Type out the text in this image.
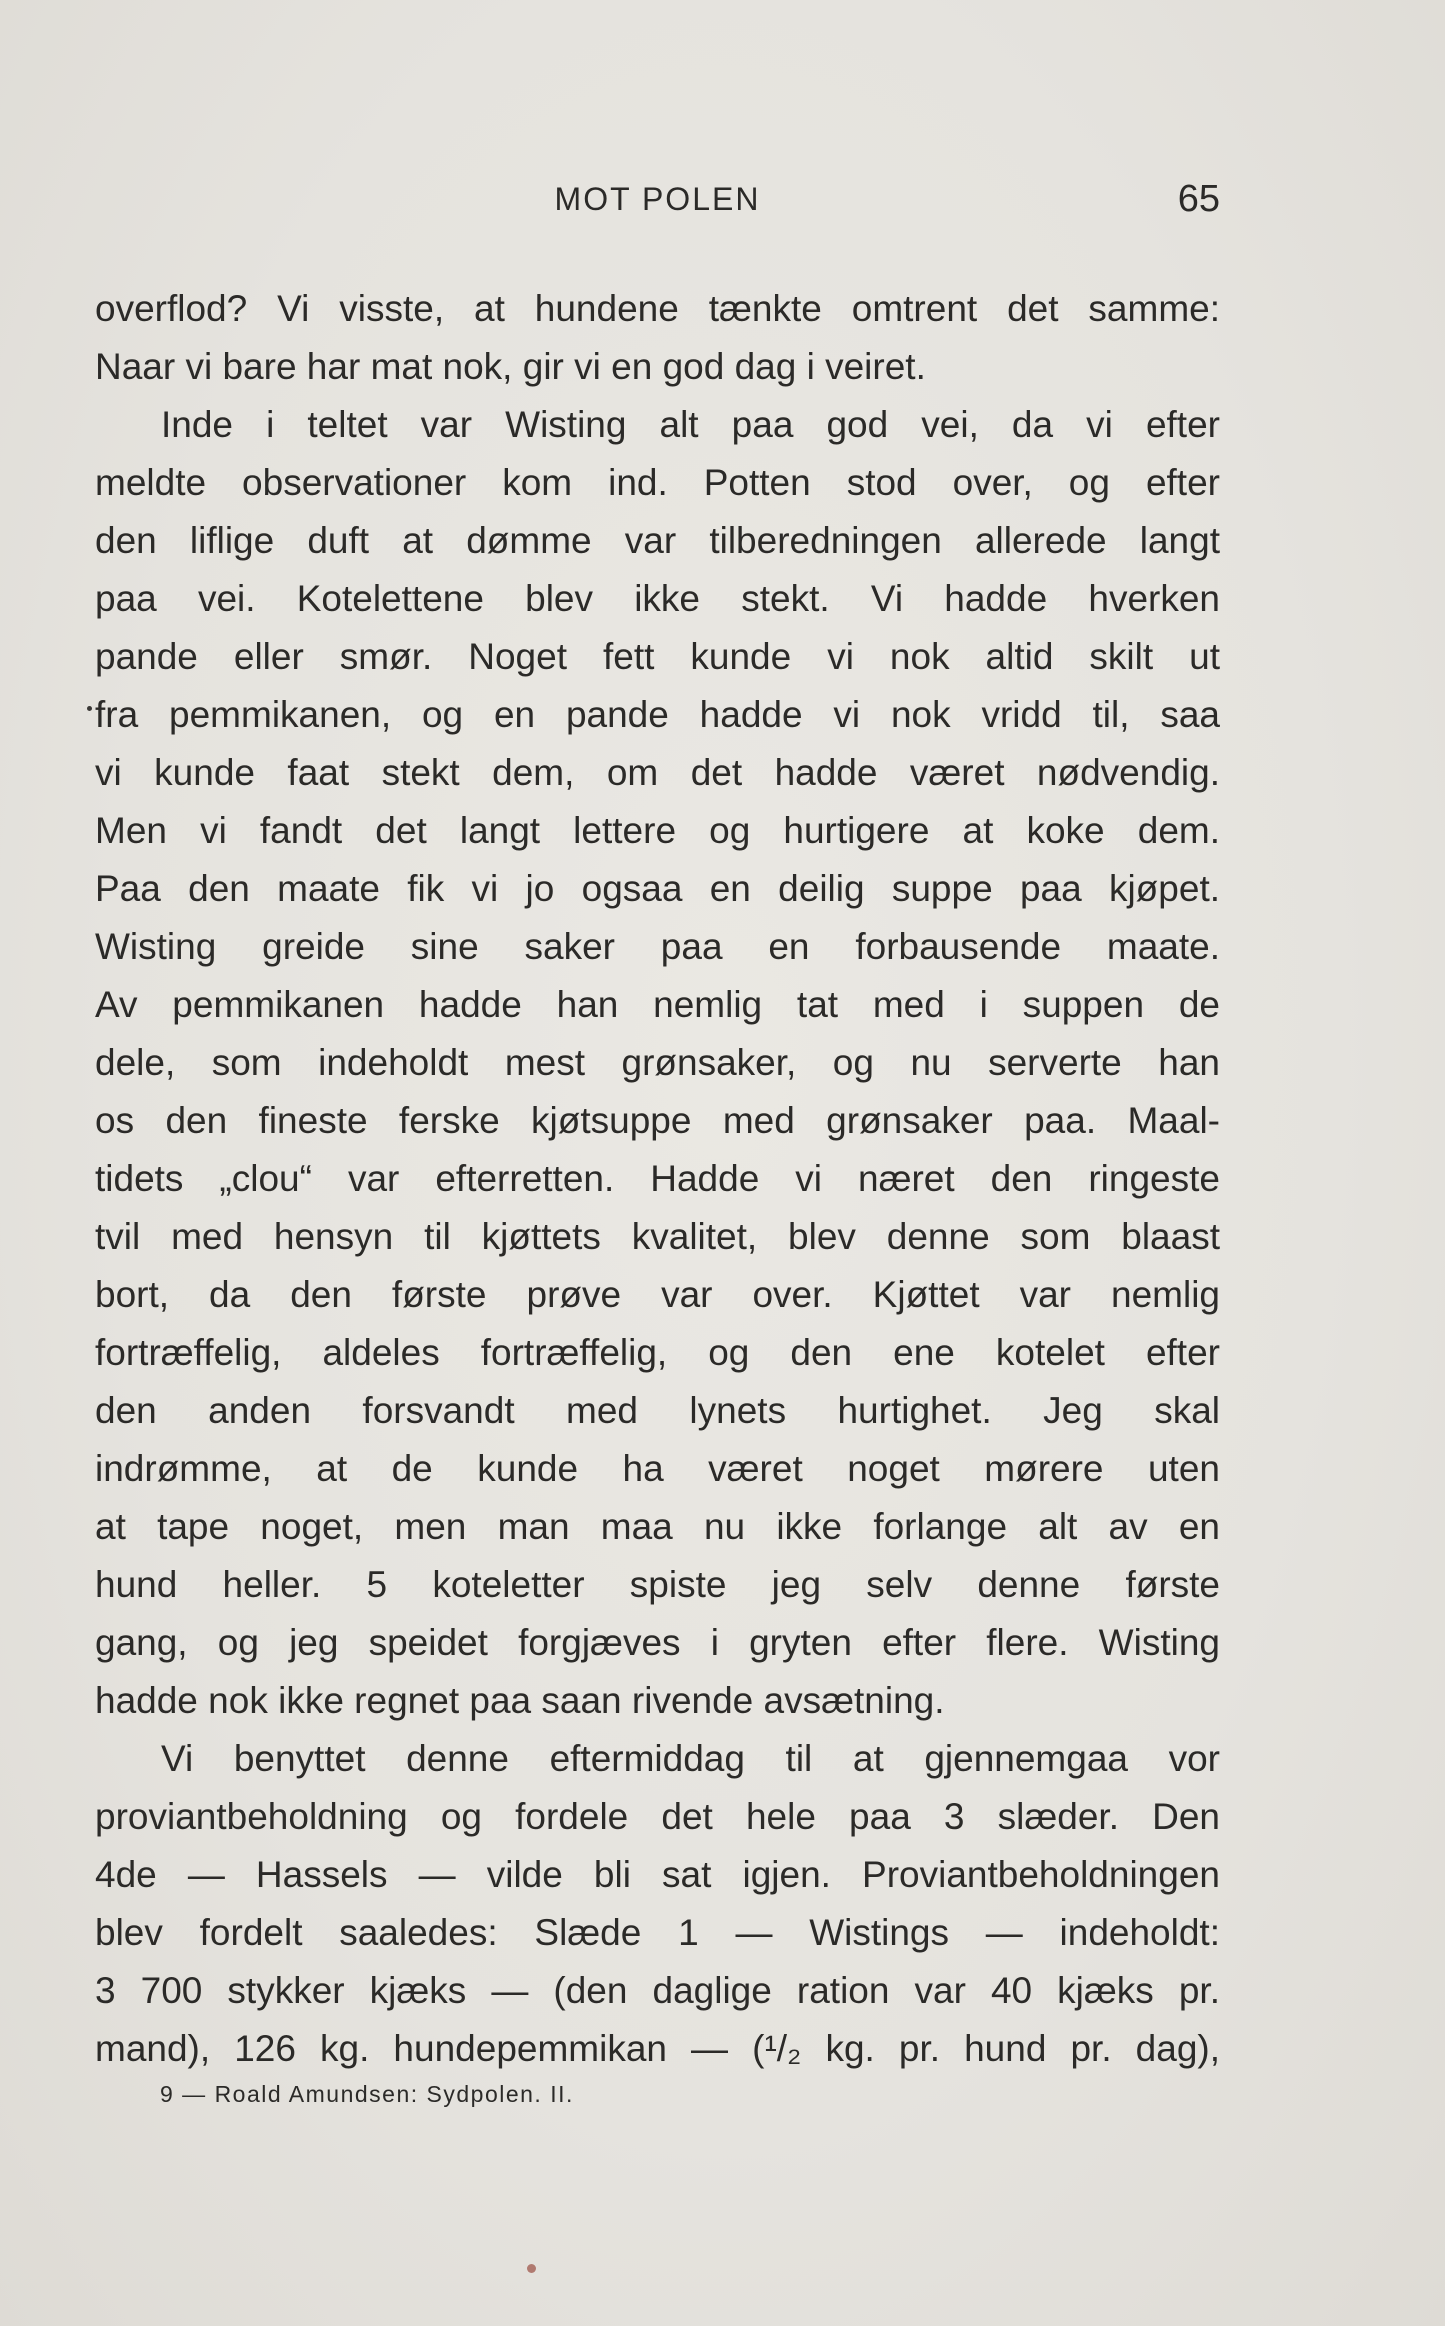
MOT POLEN	65
overflod? Vi visste, at hundene tænkte omtrent det samme:
Naar vi bare har mat nok, gir vi en god dag i veiret.
Inde i teltet var Wisting alt paa god vei, da vi efter
meldte observationer kom ind. Potten stod over, og efter
den liflige duft at dømme var tilberedningen allerede langt
paa vei. Kotelettene blev ikke stekt. Vi hadde hverken
pande eller smør. Noget fett kunde vi nok altid skilt ut
fra pemmikanen, og en pande hadde vi nok vridd til, saa
vi kunde faat stekt dem, om det hadde været nødvendig.
Men vi fandt det langt lettere og hurtigere at koke dem.
Paa den maate fik vi jo ogsaa en deilig suppe paa kjøpet.
Wisting greide sine saker paa en forbausende maate.
Av pemmikanen hadde han nemlig tat med i suppen de
dele, som indeholdt mest grønsaker, og nu serverte han
os den fineste ferske kjøtsuppe med grønsaker paa. Maal-
tidets „clou“ var efterretten. Hadde vi næret den ringeste
tvil med hensyn til kjøttets kvalitet, blev denne som blaast
bort, da den første prøve var over. Kjøttet var nemlig
fortræffelig, aldeles fortræffelig, og den ene kotelet efter
den anden forsvandt med lynets hurtighet. Jeg skal
indrømme, at de kunde ha været noget mørere uten
at tape noget, men man maa nu ikke forlange alt av en
hund heller. 5 koteletter spiste jeg selv denne første
gang, og jeg speidet forgjæves i gryten efter flere. Wisting
hadde nok ikke regnet paa saan rivende avsætning.
Vi benyttet denne eftermiddag til at gjennemgaa vor
proviantbeholdning og fordele det hele paa 3 slæder. Den
4de — Hassels — vilde bli sat igjen. Proviantbeholdningen
blev fordelt saaledes: Slæde 1 — Wistings — indeholdt:
3 700 stykker kjæks — (den daglige ration var 40 kjæks pr.
mand), 126 kg. hundepemmikan — (¹/₂ kg. pr. hund pr. dag),
9 — Roald Amundsen: Sydpolen. II.
